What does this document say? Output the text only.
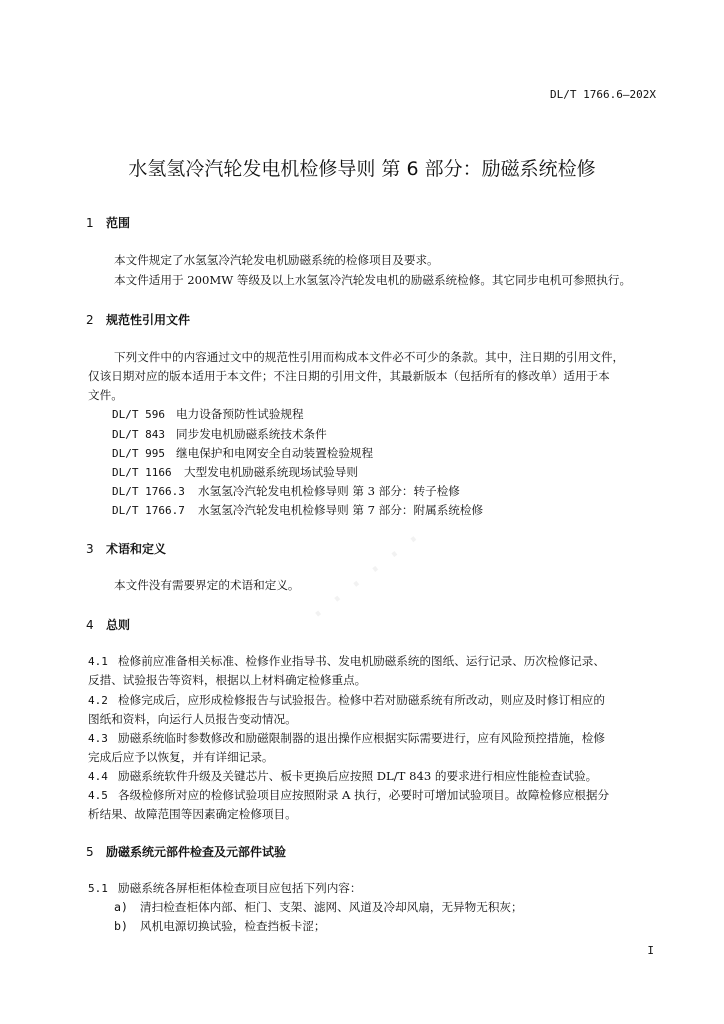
· · · · · ·
DL/T 1766.6—202X
水氢氢冷汽轮发电机检修导则 第 6 部分：励磁系统检修
1 范围
本文件规定了水氢氢冷汽轮发电机励磁系统的检修项目及要求。
本文件适用于 200MW 等级及以上水氢氢冷汽轮发电机的励磁系统检修。其它同步电机可参照执行。
2 规范性引用文件
下列文件中的内容通过文中的规范性引用而构成本文件必不可少的条款。其中，注日期的引用文件，
仅该日期对应的版本适用于本文件；不注日期的引用文件，其最新版本（包括所有的修改单）适用于本
文件。
DL/T 596 电力设备预防性试验规程
DL/T 843 同步发电机励磁系统技术条件
DL/T 995 继电保护和电网安全自动装置检验规程
DL/T 1166 大型发电机励磁系统现场试验导则
DL/T 1766.3 水氢氢冷汽轮发电机检修导则 第 3 部分：转子检修
DL/T 1766.7 水氢氢冷汽轮发电机检修导则 第 7 部分：附属系统检修
3 术语和定义
本文件没有需要界定的术语和定义。
4 总则
4.1 检修前应准备相关标准、检修作业指导书、发电机励磁系统的图纸、运行记录、历次检修记录、
反措、试验报告等资料，根据以上材料确定检修重点。
4.2 检修完成后，应形成检修报告与试验报告。检修中若对励磁系统有所改动，则应及时修订相应的
图纸和资料，向运行人员报告变动情况。
4.3 励磁系统临时参数修改和励磁限制器的退出操作应根据实际需要进行，应有风险预控措施，检修
完成后应予以恢复，并有详细记录。
4.4 励磁系统软件升级及关键芯片、板卡更换后应按照 DL/T 843 的要求进行相应性能检查试验。
4.5 各级检修所对应的检修试验项目应按照附录 A 执行，必要时可增加试验项目。故障检修应根据分
析结果、故障范围等因素确定检修项目。
5 励磁系统元部件检查及元部件试验
5.1 励磁系统各屏柜柜体检查项目应包括下列内容：
a) 清扫检查柜体内部、柜门、支架、滤网、风道及冷却风扇，无异物无积灰；
b) 风机电源切换试验，检查挡板卡涩；
I
